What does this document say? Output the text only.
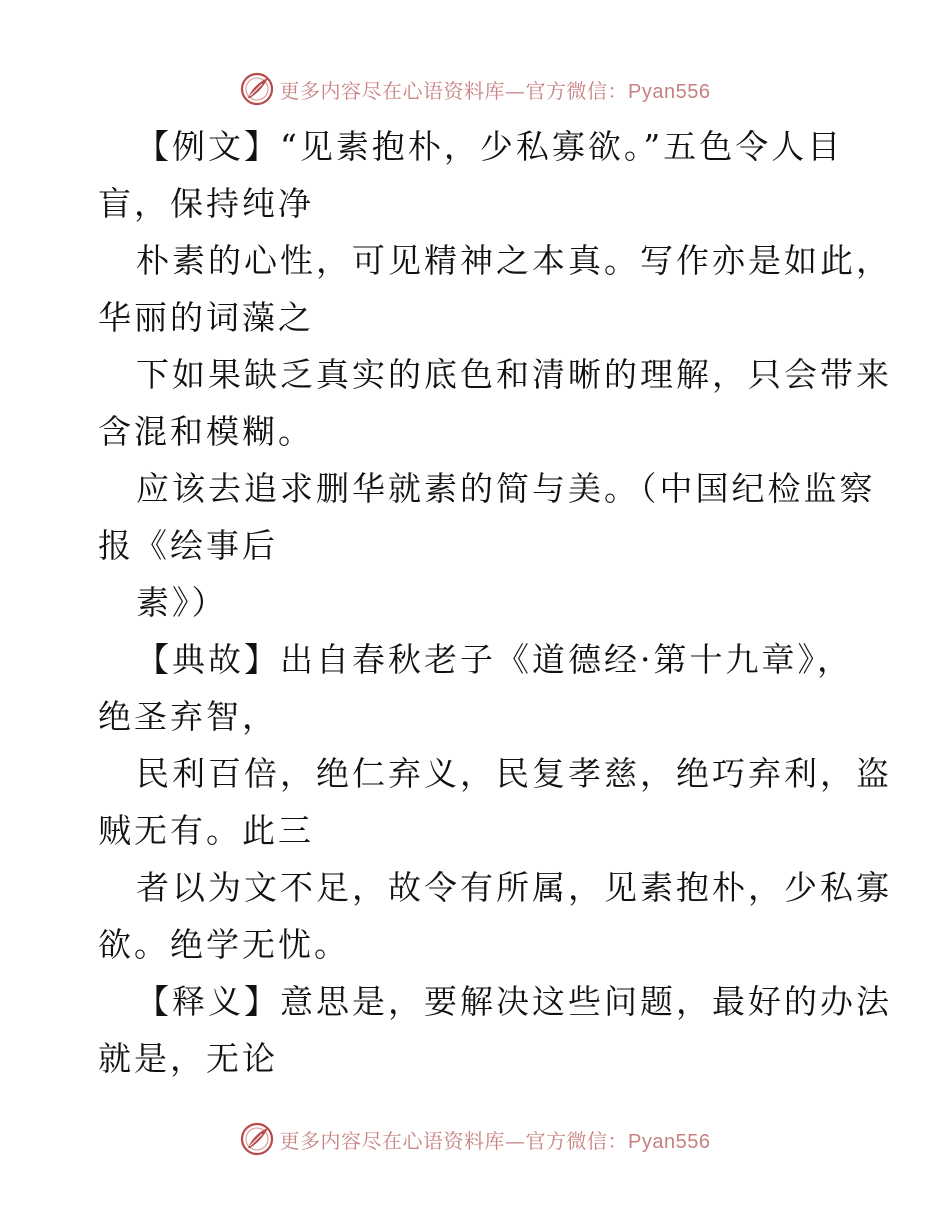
更多内容尽在心语资料库—官方微信：Pyan556
【例文】“见素抱朴，少私寡欲。”五色令人目
盲，保持纯净
朴素的心性，可见精神之本真。写作亦是如此，
华丽的词藻之
下如果缺乏真实的底色和清晰的理解，只会带来
含混和模糊。
应该去追求删华就素的简与美。（中国纪检监察
报《绘事后
素》）
【典故】出自春秋老子《道德经·第十九章》，
绝圣弃智，
民利百倍，绝仁弃义，民复孝慈，绝巧弃利，盗
贼无有。此三
者以为文不足，故令有所属，见素抱朴，少私寡
欲。绝学无忧。
【释义】意思是，要解决这些问题，最好的办法
就是，无论
更多内容尽在心语资料库—官方微信：Pyan556
